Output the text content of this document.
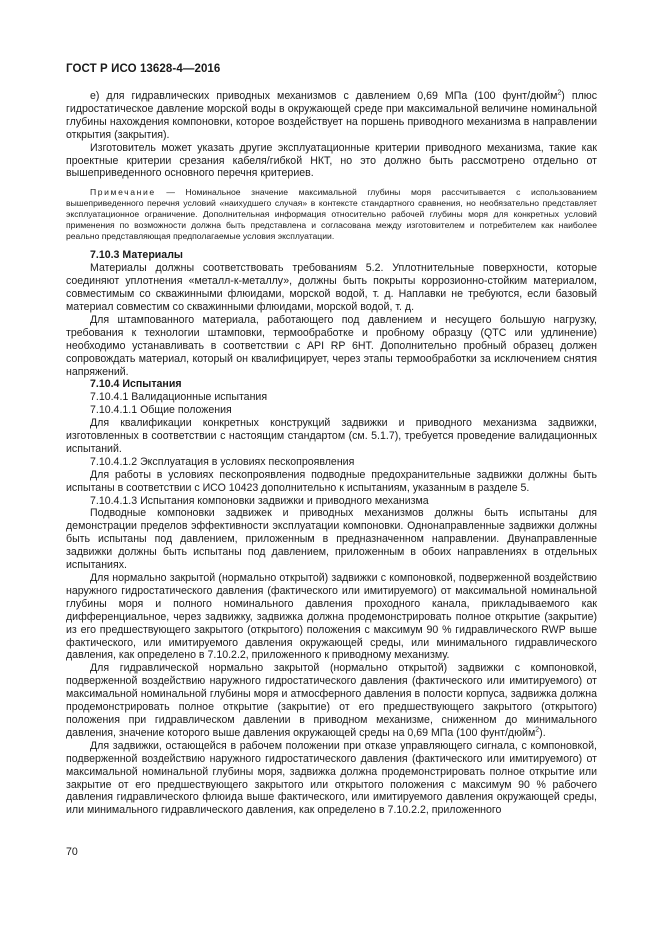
ГОСТ Р ИСО 13628-4—2016

е) для гидравлических приводных механизмов с давлением 0,69 МПа (100 фунт/дюйм$^2$) плюс гидростатическое давление морской воды в окружающей среде при максимальной величине номинальной глубины нахождения компоновки, которое воздействует на поршень приводного механизма в направлении открытия (закрытия).

Изготовитель может указать другие эксплуатационные критерии приводного механизма, такие как проектные критерии срезания кабеля/гибкой НКТ, но это должно быть рассмотрено отдельно от вышеприведенного основного перечня критериев.

Примечание — Номинальное значение максимальной глубины моря рассчитывается с использованием вышеприведенного перечня условий «наихудшего случая» в контексте стандартного сравнения, но необязательно представляет эксплуатационное ограничение. Дополнительная информация относительно рабочей глубины моря для конкретных условий применения по возможности должна быть представлена и согласована между изготовителем и потребителем как наиболее реально представляющая предполагаемые условия эксплуатации.

7.10.3 Материалы

Материалы должны соответствовать требованиям 5.2. Уплотнительные поверхности, которые соединяют уплотнения «металл-к-металлу», должны быть покрыты коррозионно-стойким материалом, совместимым со скважинными флюидами, морской водой, т. д. Наплавки не требуются, если базовый материал совместим со скважинными флюидами, морской водой, т. д.

Для штампованного материала, работающего под давлением и несущего большую нагрузку, требования к технологии штамповки, термообработке и пробному образцу (QTC или удлинение) необходимо устанавливать в соответствии с API RP 6HT. Дополнительно пробный образец должен сопровождать материал, который он квалифицирует, через этапы термообработки за исключением снятия напряжений.

7.10.4 Испытания

7.10.4.1 Валидационные испытания

7.10.4.1.1 Общие положения

Для квалификации конкретных конструкций задвижки и приводного механизма задвижки, изготовленных в соответствии с настоящим стандартом (см. 5.1.7), требуется проведение валидационных испытаний.

7.10.4.1.2 Эксплуатация в условиях пескопроявления

Для работы в условиях пескопроявления подводные предохранительные задвижки должны быть испытаны в соответствии с ИСО 10423 дополнительно к испытаниям, указанным в разделе 5.

7.10.4.1.3 Испытания компоновки задвижки и приводного механизма

Подводные компоновки задвижек и приводных механизмов должны быть испытаны для демонстрации пределов эффективности эксплуатации компоновки. Однонаправленные задвижки должны быть испытаны под давлением, приложенным в предназначенном направлении. Двунаправленные задвижки должны быть испытаны под давлением, приложенным в обоих направлениях в отдельных испытаниях.

Для нормально закрытой (нормально открытой) задвижки с компоновкой, подверженной воздействию наружного гидростатического давления (фактического или имитируемого) от максимальной номинальной глубины моря и полного номинального давления проходного канала, прикладываемого как дифференциальное, через задвижку, задвижка должна продемонстрировать полное открытие (закрытие) из его предшествующего закрытого (открытого) положения с максимум 90 % гидравлического RWP выше фактического, или имитируемого давления окружающей среды, или минимального гидравлического давления, как определено в 7.10.2.2, приложенного к приводному механизму.

Для гидравлической нормально закрытой (нормально открытой) задвижки с компоновкой, подверженной воздействию наружного гидростатического давления (фактического или имитируемого) от максимальной номинальной глубины моря и атмосферного давления в полости корпуса, задвижка должна продемонстрировать полное открытие (закрытие) от его предшествующего закрытого (открытого) положения при гидравлическом давлении в приводном механизме, сниженном до минимального давления, значение которого выше давления окружающей среды на 0,69 МПа (100 фунт/дюйм$^2$).

Для задвижки, остающейся в рабочем положении при отказе управляющего сигнала, с компоновкой, подверженной воздействию наружного гидростатического давления (фактического или имитируемого) от максимальной номинальной глубины моря, задвижка должна продемонстрировать полное открытие или закрытие от его предшествующего закрытого или открытого положения с максимум 90 % рабочего давления гидравлического флюида выше фактического, или имитируемого давления окружающей среды, или минимального гидравлического давления, как определено в 7.10.2.2, приложенного

70
